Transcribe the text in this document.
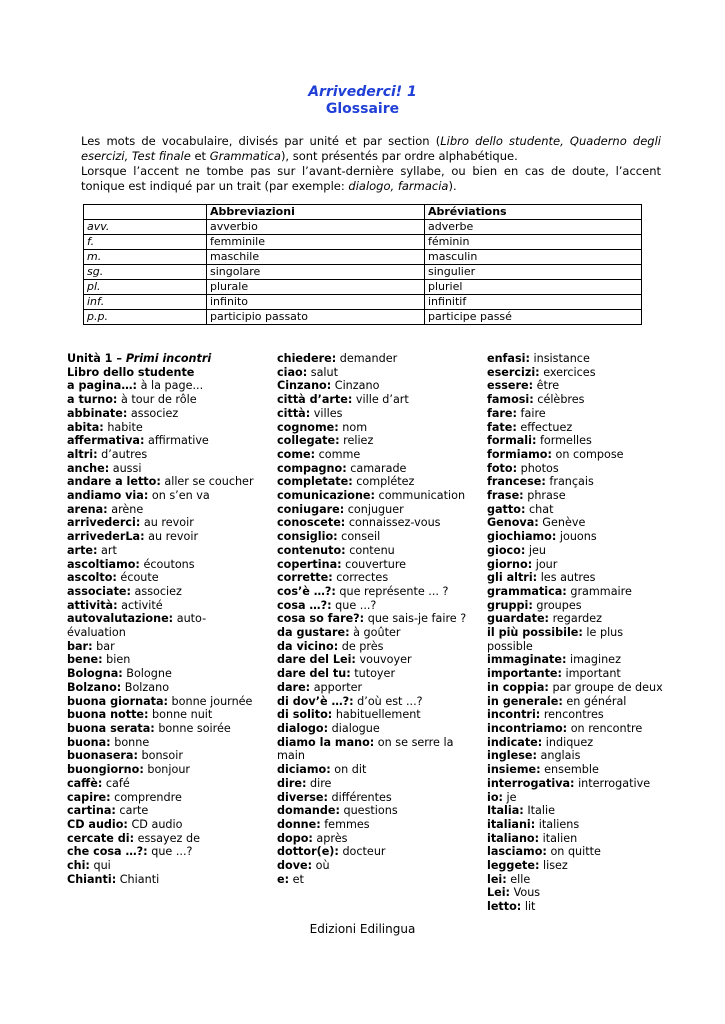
Arrivederci! 1
Glossaire

Les mots de vocabulaire, divisés par unité et par section (Libro dello studente, Quaderno degli esercizi, Test finale et Grammatica), sont présentés par ordre alphabétique.

Lorsque l’accent ne tombe pas sur l’avant-dernière syllabe, ou bien en cas de doute, l’accent tonique est indiqué par un trait (par exemple: dialogo, farmacia).

	Abbreviazioni	Abréviations
avv.	avverbio	adverbe
f.	femminile	féminin
m.	maschile	masculin
sg.	singolare	singulier
pl.	plurale	pluriel
inf.	infinito	infinitif
p.p.	participio passato	participe passé
Unità 1 – Primi incontri
Libro dello studente
a pagina…: à la page...
a turno: à tour de rôle
abbinate: associez
abita: habite
affermativa: affirmative
altri: d’autres
anche: aussi
andare a letto: aller se coucher
andiamo via: on s’en va
arena: arène
arrivederci: au revoir
arrivederLa: au revoir
arte: art
ascoltiamo: écoutons
ascolto: écoute
associate: associez
attività: activité
autovalutazione: auto-évaluation
bar: bar
bene: bien
Bologna: Bologne
Bolzano: Bolzano
buona giornata: bonne journée
buona notte: bonne nuit
buona serata: bonne soirée
buona: bonne
buonasera: bonsoir
buongiorno: bonjour
caffè: café
capire: comprendre
cartina: carte
CD audio: CD audio
cercate di: essayez de
che cosa …?: que ...?
chi: qui
Chianti: Chianti
chiedere: demander
ciao: salut
Cinzano: Cinzano
città d’arte: ville d’art
città: villes
cognome: nom
collegate: reliez
come: comme
compagno: camarade
completate: complétez
comunicazione: communication
coniugare: conjuguer
conoscete: connaissez-vous
consiglio: conseil
contenuto: contenu
copertina: couverture
corrette: correctes
cos’è …?: que représente ... ?
cosa …?: que ...?
cosa so fare?: que sais-je faire ?
da gustare: à goûter
da vicino: de près
dare del Lei: vouvoyer
dare del tu: tutoyer
dare: apporter
di dov’è …?: d’où est ...?
di solito: habituellement
dialogo: dialogue
diamo la mano: on se serre la main
diciamo: on dit
dire: dire
diverse: différentes
domande: questions
donne: femmes
dopo: après
dottor(e): docteur
dove: où
e: et
enfasi: insistance
esercizi: exercices
essere: être
famosi: célèbres
fare: faire
fate: effectuez
formali: formelles
formiamo: on compose
foto: photos
francese: français
frase: phrase
gatto: chat
Genova: Genève
giochiamo: jouons
gioco: jeu
giorno: jour
gli altri: les autres
grammatica: grammaire
gruppi: groupes
guardate: regardez
il più possibile: le plus possible
immaginate: imaginez
importante: important
in coppia: par groupe de deux
in generale: en général
incontri: rencontres
incontriamo: on rencontre
indicate: indiquez
inglese: anglais
insieme: ensemble
interrogativa: interrogative
io: je
Italia: Italie
italiani: italiens
italiano: italien
lasciamo: on quitte
leggete: lisez
lei: elle
Lei: Vous
letto: lit
Edizioni Edilingua
